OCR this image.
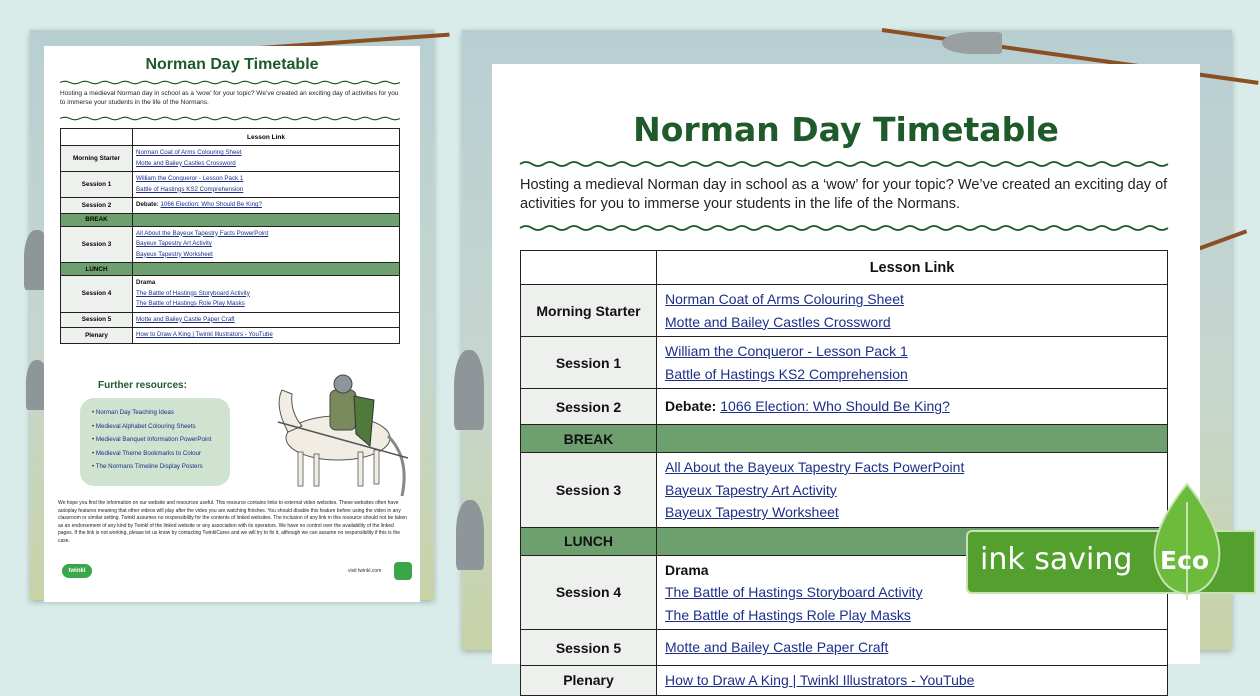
Norman Day Timetable
Hosting a medieval Norman day in school as a ‘wow’ for your topic? We’ve created an exciting day of activities for you to immerse your students in the life of the Normans.
	Lesson Link
Morning Starter	Norman Coat of Arms Colouring Sheet
Motte and Bailey Castles Crossword

Session 1	William the Conqueror - Lesson Pack 1
Battle of Hastings KS2 Comprehension

Session 2	Debate: 1066 Election: Who Should Be King?
BREAK	
Session 3	All About the Bayeux Tapestry Facts PowerPoint
Bayeux Tapestry Art Activity
Bayeux Tapestry Worksheet

LUNCH	
Session 4	Drama
The Battle of Hastings Storyboard Activity
The Battle of Hastings Role Play Masks

Session 5	Motte and Bailey Castle Paper Craft

Plenary	How to Draw A King | Twinkl Illustrators - YouTube
Further resources:
• Norman Day Teaching Ideas
• Medieval Alphabet Colouring Sheets
• Medieval Banquet Information PowerPoint
• Medieval Theme Bookmarks to Colour
• The Normans Timeline Display Posters
We hope you find the information on our website and resources useful. This resource contains links to external video websites. These websites often have autoplay features meaning that other videos will play after the video you are watching finishes. You should disable this feature before using the video in any classroom or similar setting. Twinkl assumes no responsibility for the contents of linked websites. The inclusion of any link in this resource should not be taken as an endorsement of any kind by Twinkl of the linked website or any association with its operators. We have no control over the availability of the linked pages. If the link is not working, please let us know by contacting TwinklCares and we will try to fix it, although we can assume no responsibility if this is the case.
twinkl	visit twinkl.com
Norman Day Timetable
Hosting a medieval Norman day in school as a ‘wow’ for your topic? We’ve created an exciting day of activities for you to immerse your students in the life of the Normans.
	Lesson Link
Morning Starter	Norman Coat of Arms Colouring Sheet
Motte and Bailey Castles Crossword

Session 1	William the Conqueror - Lesson Pack 1
Battle of Hastings KS2 Comprehension

Session 2	Debate: 1066 Election: Who Should Be King?
BREAK	
Session 3	All About the Bayeux Tapestry Facts PowerPoint
Bayeux Tapestry Art Activity
Bayeux Tapestry Worksheet

LUNCH	
Session 4	Drama
The Battle of Hastings Storyboard Activity
The Battle of Hastings Role Play Masks

Session 5	Motte and Bailey Castle Paper Craft

Plenary	How to Draw A King | Twinkl Illustrators - YouTube
ink saving Eco
